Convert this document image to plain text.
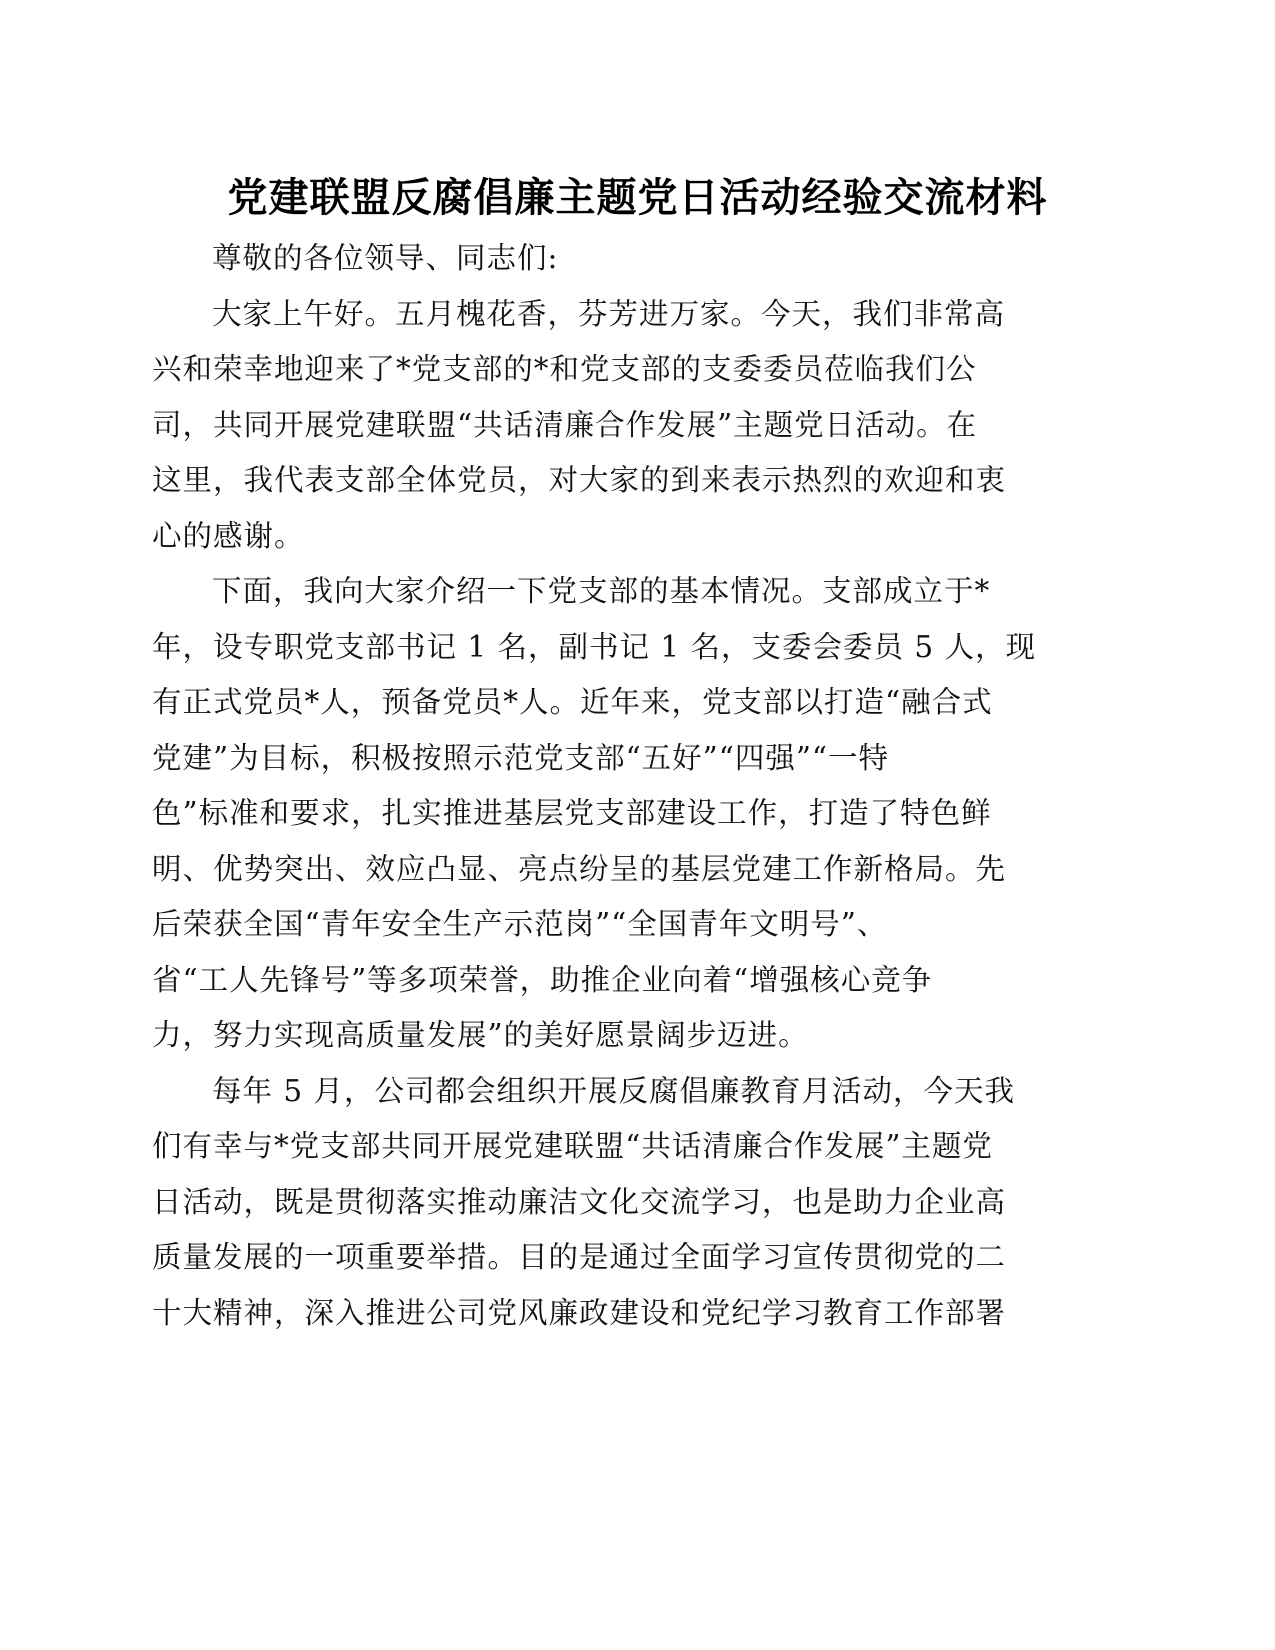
党建联盟反腐倡廉主题党日活动经验交流材料
尊敬的各位领导、同志们:
大家上午好。五月槐花香，芬芳进万家。今天，我们非常高
兴和荣幸地迎来了*党支部的*和党支部的支委委员莅临我们公
司，共同开展党建联盟“共话清廉合作发展”主题党日活动。在
这里，我代表支部全体党员，对大家的到来表示热烈的欢迎和衷
心的感谢。
下面，我向大家介绍一下党支部的基本情况。支部成立于*
年，设专职党支部书记 1 名，副书记 1 名，支委会委员 5 人，现
有正式党员*人，预备党员*人。近年来，党支部以打造“融合式
党建”为目标，积极按照示范党支部“五好”“四强”“一特
色”标准和要求，扎实推进基层党支部建设工作，打造了特色鲜
明、优势突出、效应凸显、亮点纷呈的基层党建工作新格局。先
后荣获全国“青年安全生产示范岗”“全国青年文明号”、
省“工人先锋号”等多项荣誉，助推企业向着“增强核心竞争
力，努力实现高质量发展”的美好愿景阔步迈进。
每年 5 月，公司都会组织开展反腐倡廉教育月活动，今天我
们有幸与*党支部共同开展党建联盟“共话清廉合作发展”主题党
日活动，既是贯彻落实推动廉洁文化交流学习，也是助力企业高
质量发展的一项重要举措。目的是通过全面学习宣传贯彻党的二
十大精神，深入推进公司党风廉政建设和党纪学习教育工作部署
